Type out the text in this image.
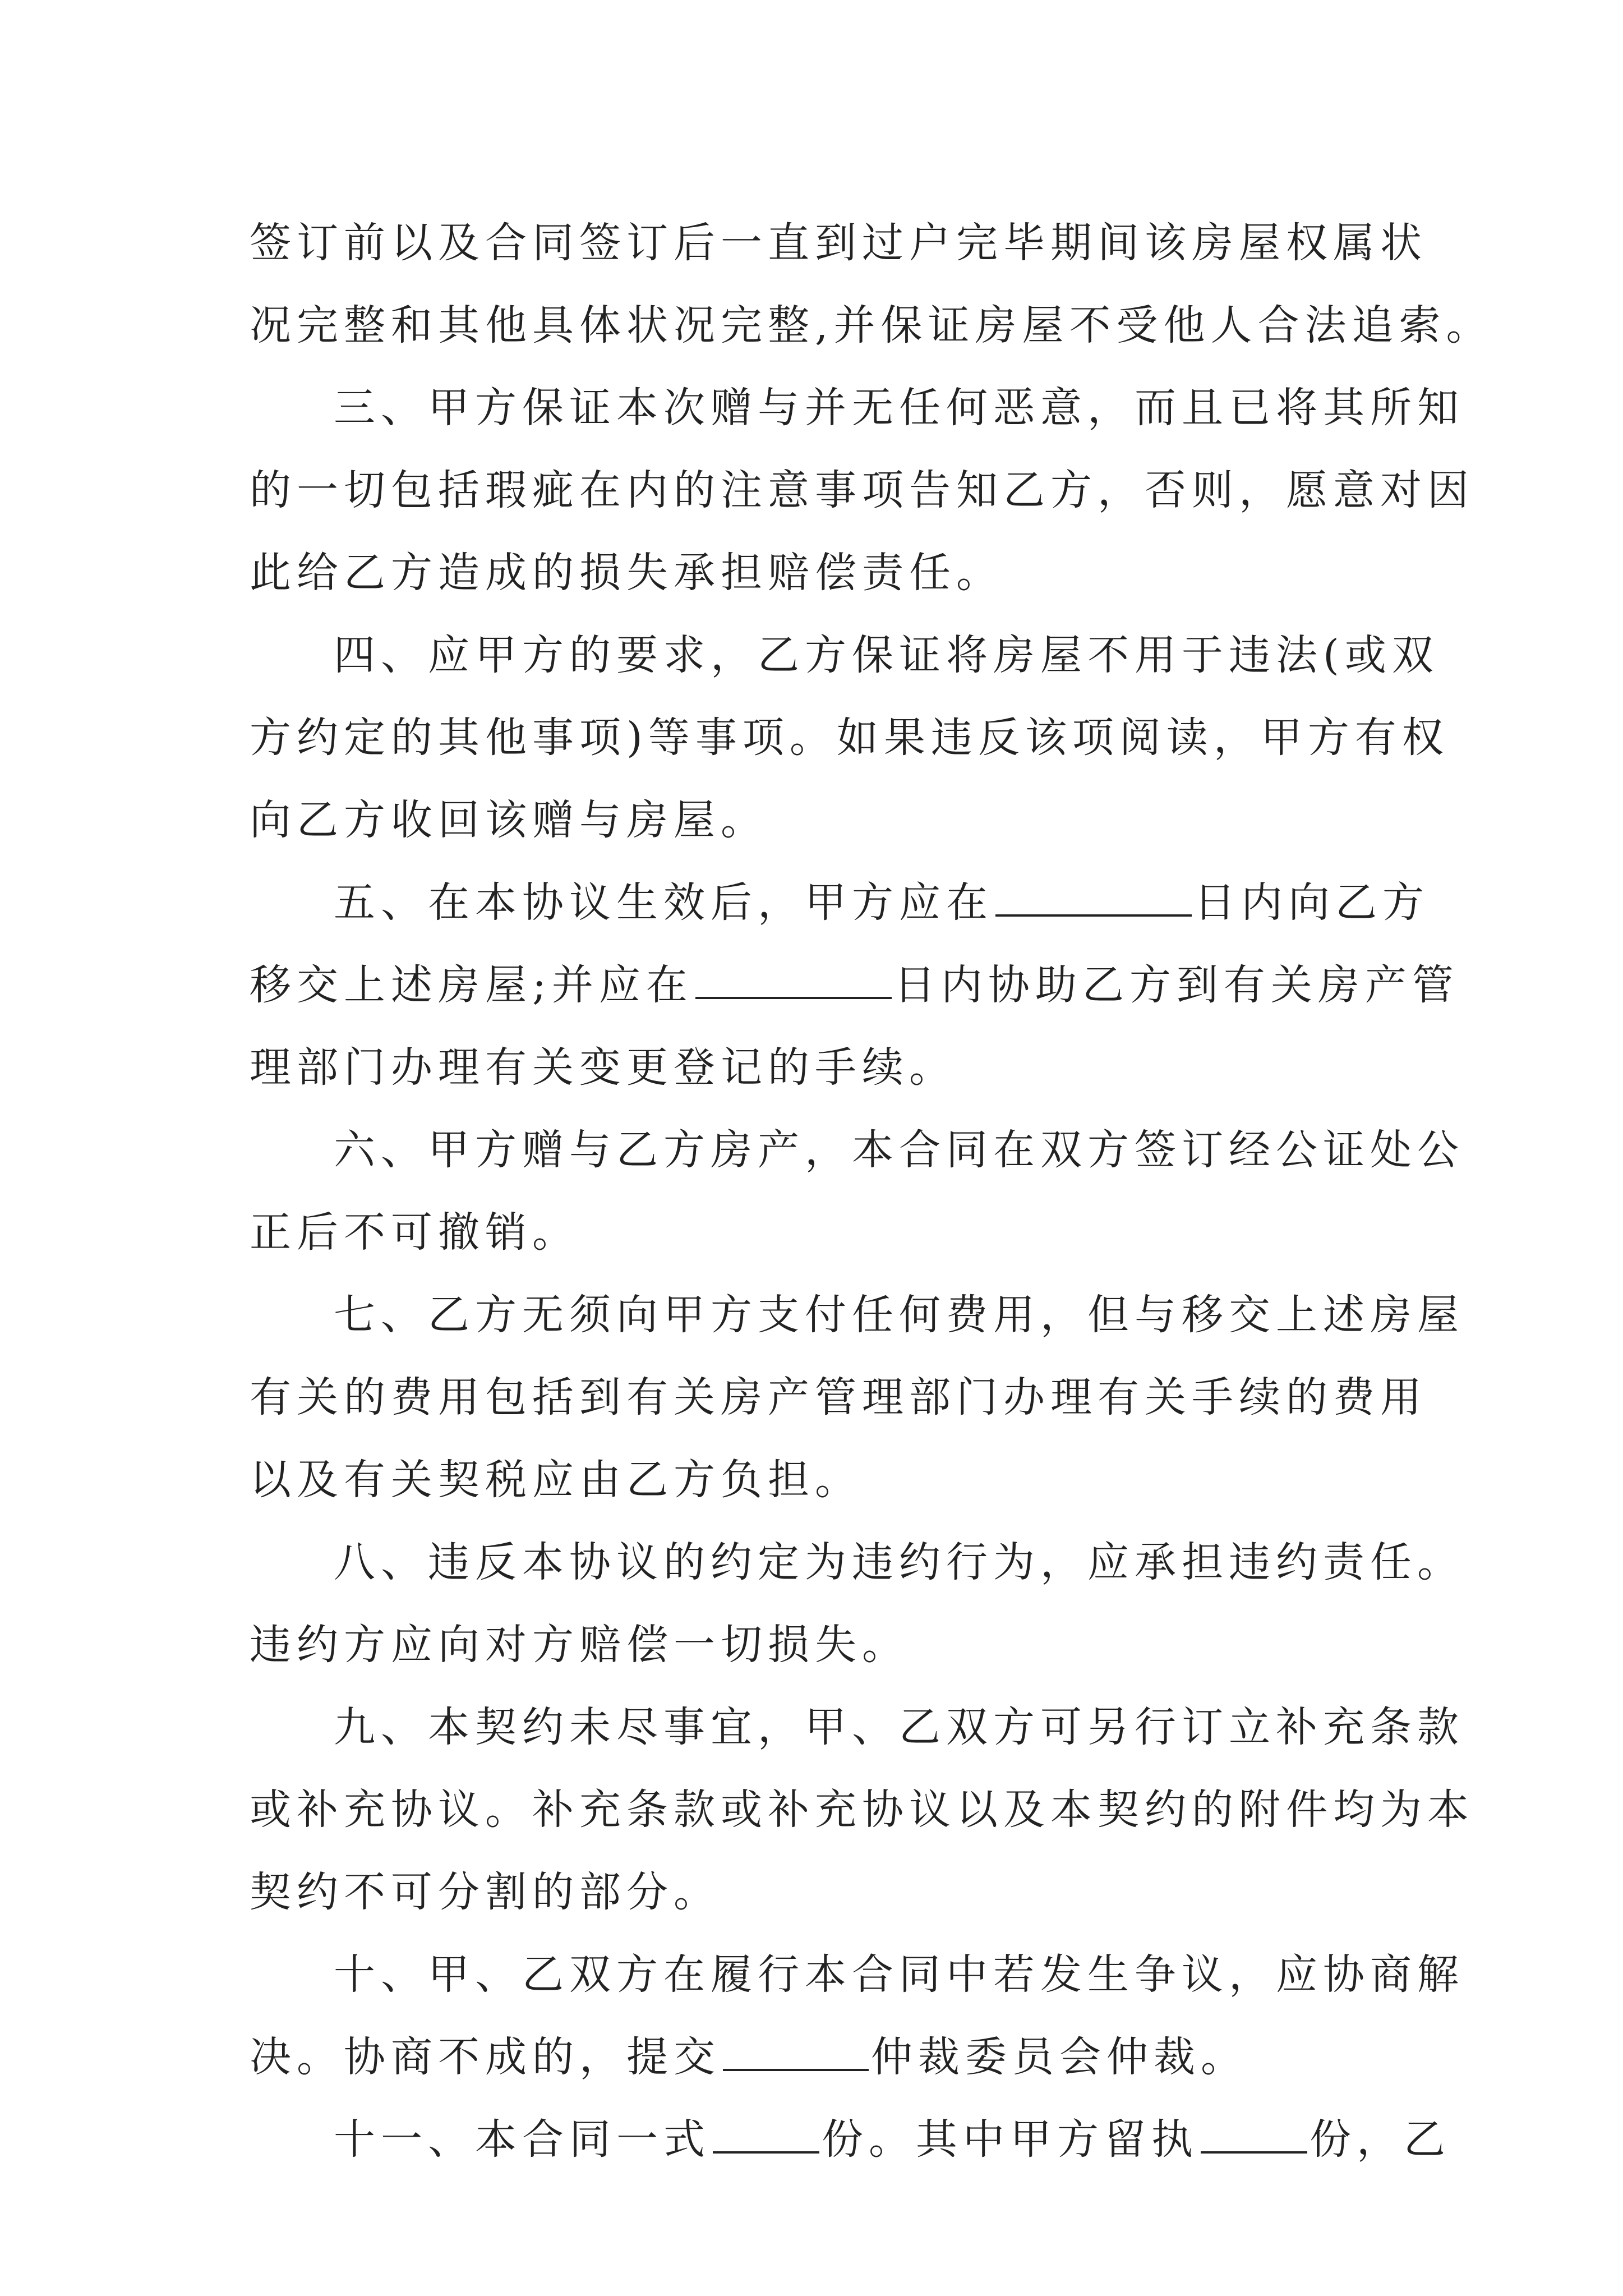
签订前以及合同签订后一直到过户完毕期间该房屋权属状
况完整和其他具体状况完整,并保证房屋不受他人合法追索。
三、甲方保证本次赠与并无任何恶意，而且已将其所知
的一切包括瑕疵在内的注意事项告知乙方，否则，愿意对因
此给乙方造成的损失承担赔偿责任。
四、应甲方的要求，乙方保证将房屋不用于违法(或双
方约定的其他事项)等事项。如果违反该项阅读，甲方有权
向乙方收回该赠与房屋。
五、在本协议生效后，甲方应在	日内向乙方
移交上述房屋;并应在	日内协助乙方到有关房产管
理部门办理有关变更登记的手续。
六、甲方赠与乙方房产，本合同在双方签订经公证处公
正后不可撤销。
七、乙方无须向甲方支付任何费用，但与移交上述房屋
有关的费用包括到有关房产管理部门办理有关手续的费用
以及有关契税应由乙方负担。
八、违反本协议的约定为违约行为，应承担违约责任。
违约方应向对方赔偿一切损失。
九、本契约未尽事宜，甲、乙双方可另行订立补充条款
或补充协议。补充条款或补充协议以及本契约的附件均为本
契约不可分割的部分。
十、甲、乙双方在履行本合同中若发生争议，应协商解
决。协商不成的，提交	仲裁委员会仲裁。
十一、本合同一式	份。其中甲方留执	份，乙
